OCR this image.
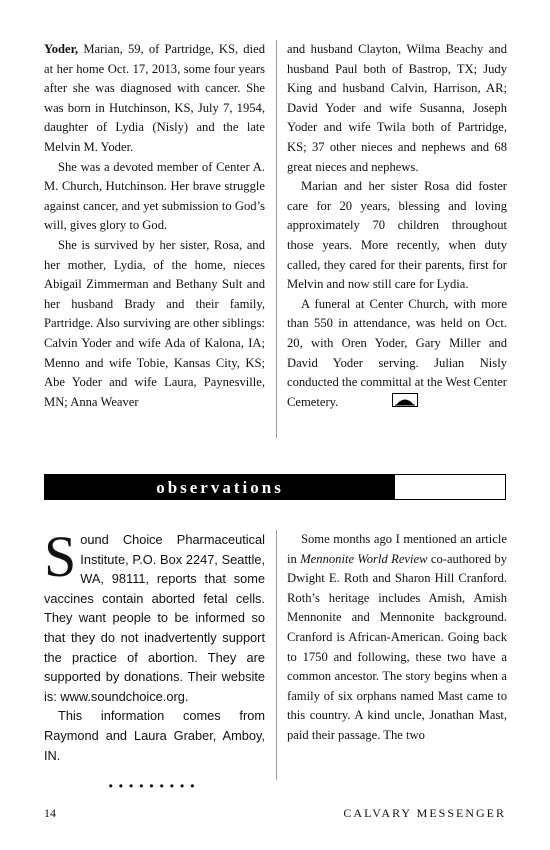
Yoder, Marian, 59, of Partridge, KS, died at her home Oct. 17, 2013, some four years after she was diagnosed with cancer. She was born in Hutchinson, KS, July 7, 1954, daughter of Lydia (Nisly) and the late Melvin M. Yoder.

She was a devoted member of Center A. M. Church, Hutchinson. Her brave struggle against cancer, and yet submission to God’s will, gives glory to God.

She is survived by her sister, Rosa, and her mother, Lydia, of the home, nieces Abigail Zimmerman and Bethany Sult and her husband Brady and their family, Partridge. Also surviving are other siblings: Calvin Yoder and wife Ada of Kalona, IA; Menno and wife Tobie, Kansas City, KS; Abe Yoder and wife Laura, Paynesville, MN; Anna Weaver

and husband Clayton, Wilma Beachy and husband Paul both of Bastrop, TX; Judy King and husband Calvin, Harrison, AR; David Yoder and wife Susanna, Joseph Yoder and wife Twila both of Partridge, KS; 37 other nieces and nephews and 68 great nieces and nephews.

Marian and her sister Rosa did foster care for 20 years, blessing and loving approximately 70 children throughout those years. More recently, when duty called, they cared for their parents, first for Melvin and now still care for Lydia.

A funeral at Center Church, with more than 550 in attendance, was held on Oct. 20, with Oren Yoder, Gary Miller and David Yoder serving. Julian Nisly conducted the committal at the West Center Cemetery.

observations

Sound Choice Pharmaceutical Institute, P.O. Box 2247, Seattle, WA, 98111, reports that some vaccines contain aborted fetal cells. They want people to be informed so that they do not inadvertently support the practice of abortion. They are supported by donations. Their website is: www.soundchoice.org.

This information comes from Raymond and Laura Graber, Amboy, IN.

•••••••••

Some months ago I mentioned an article in Mennonite World Review co-authored by Dwight E. Roth and Sharon Hill Cranford. Roth’s heritage includes Amish, Amish Mennonite and Mennonite background. Cranford is African-American. Going back to 1750 and following, these two have a common ancestor. The story begins when a family of six orphans named Mast came to this country. A kind uncle, Jonathan Mast, paid their passage. The two

14	CALVARY MESSENGER
